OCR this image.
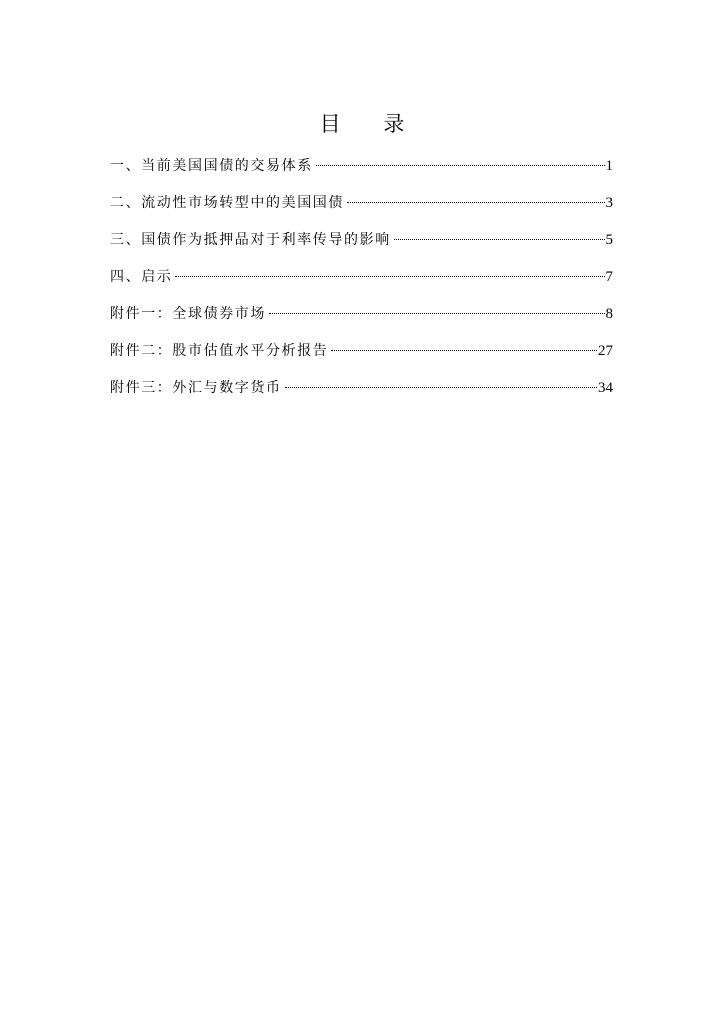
目 录
一、当前美国国债的交易体系	1
二、流动性市场转型中的美国国债	3
三、国债作为抵押品对于利率传导的影响	5
四、启示	7
附件一：全球债券市场	8
附件二：股市估值水平分析报告	27
附件三：外汇与数字货币	34
